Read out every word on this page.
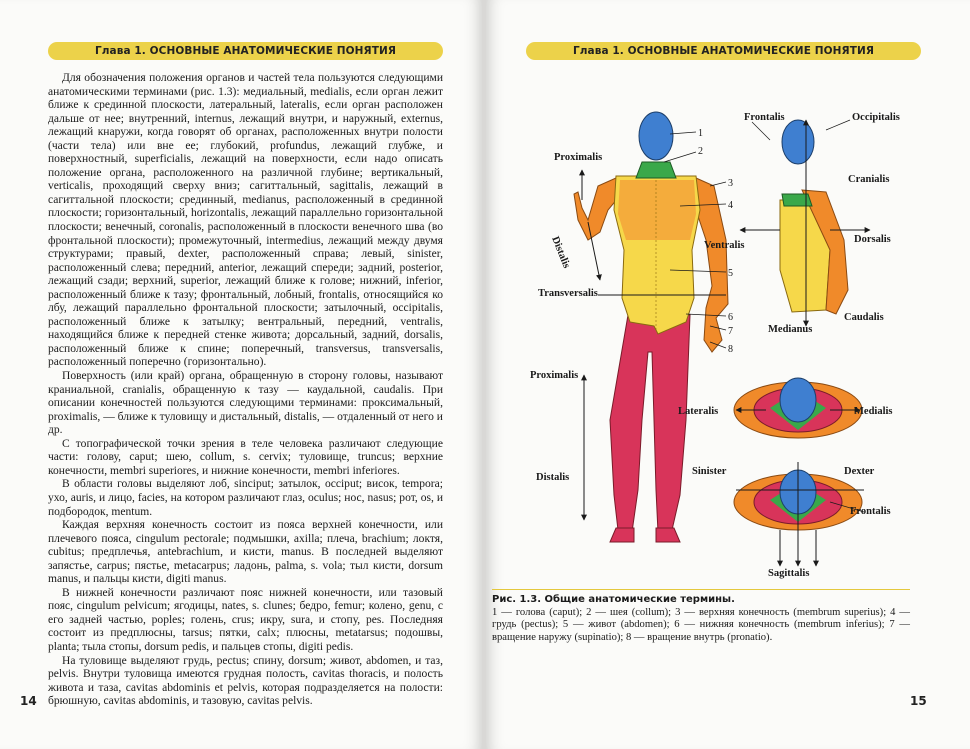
Глава 1. ОСНОВНЫЕ АНАТОМИЧЕСКИЕ ПОНЯТИЯ

Для обозначения положения органов и частей тела пользуются следующими анатомическими терминами (рис. 1.3): медиальный, medialis, если орган лежит ближе к срединной плоскости, латеральный, lateralis, если орган расположен дальше от нее; внутренний, internus, лежащий внутри, и наружный, externus, лежащий кнаружи, когда говорят об органах, расположенных внутри полости (части тела) или вне ее; глубокий, profundus, лежащий глубже, и поверхностный, superficialis, лежащий на поверхности, если надо описать положение органа, расположенного на различной глубине; вертикальный, verticalis, проходящий сверху вниз; сагиттальный, sagittalis, лежащий в сагиттальной плоскости; срединный, medianus, расположенный в срединной плоскости; горизонтальный, horizontalis, лежащий параллельно горизонтальной плоскости; венечный, coronalis, расположенный в плоскости венечного шва (во фронтальной плоскости); промежуточный, intermedius, лежащий между двумя структурами; правый, dexter, расположенный справа; левый, sinister, расположенный слева; передний, anterior, лежащий спереди; задний, posterior, лежащий сзади; верхний, superior, лежащий ближе к голове; нижний, inferior, расположенный ближе к тазу; фронтальный, лобный, frontalis, относящийся ко лбу, лежащий параллельно фронтальной плоскости; затылочный, occipitalis, расположенный ближе к затылку; вентральный, передний, ventralis, находящийся ближе к передней стенке живота; дорсальный, задний, dorsalis, расположенный ближе к спине; поперечный, transversus, transversalis, расположенный поперечно (горизонтально).

Поверхность (или край) органа, обращенную в сторону головы, называют краниальной, cranialis, обращенную к тазу — каудальной, caudalis. При описании конечностей пользуются следующими терминами: проксимальный, proximalis, — ближе к туловищу и дистальный, distalis, — отдаленный от него и др.

С топографической точки зрения в теле человека различают следующие части: голову, caput; шею, collum, s. cervix; туловище, truncus; верхние конечности, membri superiores, и нижние конечности, membri inferiores.

В области головы выделяют лоб, sinciput; затылок, occiput; висок, tempora; ухо, auris, и лицо, facies, на котором различают глаз, oculus; нос, nasus; рот, os, и подбородок, mentum.

Каждая верхняя конечность состоит из пояса верхней конечности, или плечевого пояса, cingulum pectorale; подмышки, axilla; плеча, brachium; локтя, cubitus; предплечья, antebrachium, и кисти, manus. В последней выделяют запястье, carpus; пястье, metacarpus; ладонь, palma, s. vola; тыл кисти, dorsum manus, и пальцы кисти, digiti manus.

В нижней конечности различают пояс нижней конечности, или тазовый пояс, cingulum pelvicum; ягодицы, nates, s. clunes; бедро, femur; колено, genu, с его задней частью, poples; голень, crus; икру, sura, и стопу, pes. Последняя состоит из предплюсны, tarsus; пятки, calx; плюсны, metatarsus; подошвы, planta; тыла стопы, dorsum pedis, и пальцев стопы, digiti pedis.

На туловище выделяют грудь, pectus; спину, dorsum; живот, abdomen, и таз, pelvis. Внутри туловища имеются грудная полость, cavitas thoracis, и полость живота и таза, cavitas abdominis et pelvis, которая подразделяется на полости: брюшную, cavitas abdominis, и тазовую, cavitas pelvis.

14
Глава 1. ОСНОВНЫЕ АНАТОМИЧЕСКИЕ ПОНЯТИЯ
Frontalis	Occipitalis
Proximalis
Cranialis
Distalis	Ventralis
Dorsalis
Transversalis
Caudalis
Medianus
Proximalis
Lateralis	Medialis
Distalis
Sinister	Dexter
Frontalis
Sagittalis
1
2
3
4
5
6
7
8
Рис. 1.3. Общие анатомические термины.
1 — голова (caput); 2 — шея (collum); 3 — верхняя конечность (membrum superius); 4 — грудь (pectus); 5 — живот (abdomen); 6 — нижняя конечность (membrum inferius); 7 — вращение наружу (supinatio); 8 — вращение внутрь (pronatio).
15
